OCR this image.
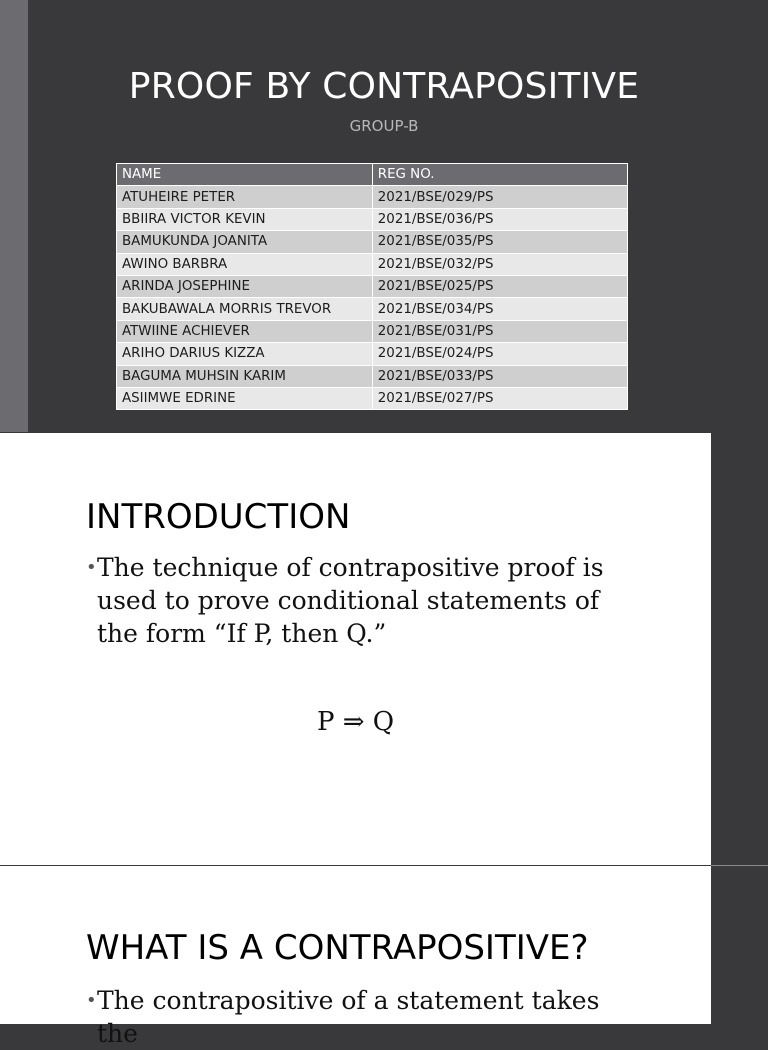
PROOF BY CONTRAPOSITIVE
GROUP-B
NAME	REG NO.
ATUHEIRE PETER	2021/BSE/029/PS
BBIIRA VICTOR KEVIN	2021/BSE/036/PS
BAMUKUNDA JOANITA	2021/BSE/035/PS
AWINO BARBRA	2021/BSE/032/PS
ARINDA JOSEPHINE	2021/BSE/025/PS
BAKUBAWALA MORRIS TREVOR	2021/BSE/034/PS
ATWIINE ACHIEVER	2021/BSE/031/PS
ARIHO DARIUS KIZZA	2021/BSE/024/PS
BAGUMA MUHSIN KARIM	2021/BSE/033/PS
ASIIMWE EDRINE	2021/BSE/027/PS
INTRODUCTION
• The technique of contrapositive proof is used to prove conditional statements of the form “If P, then Q.”
P ⇒ Q
WHAT IS A CONTRAPOSITIVE?
• The contrapositive of a statement takes the
